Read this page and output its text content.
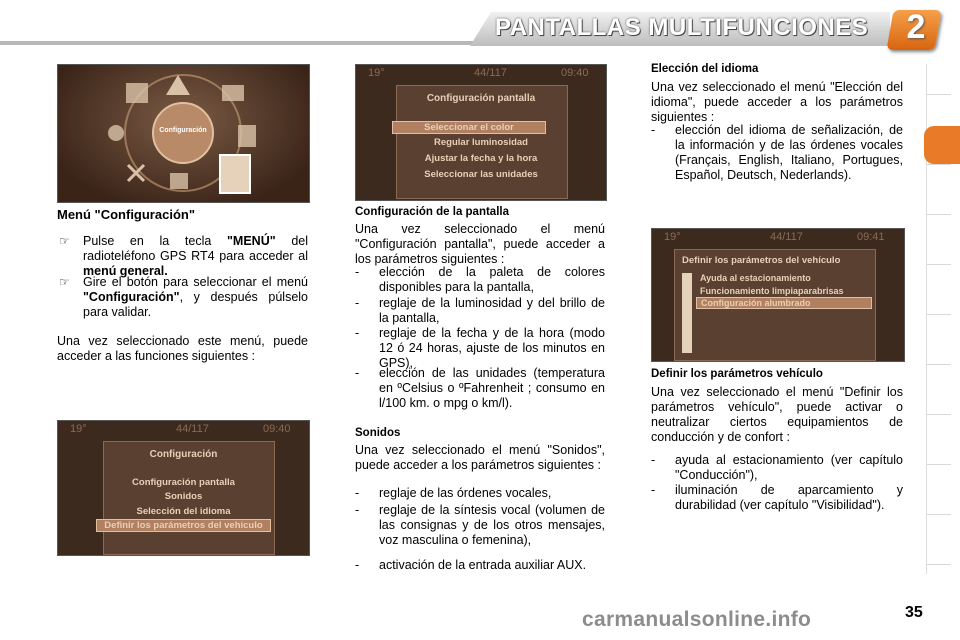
PANTALLAS MULTIFUNCIONES 2
Configuración
Menú "Configuración"
☞ Pulse en la tecla "MENÚ" del radioteléfono GPS RT4 para acceder al menú general.
☞ Gire el botón para seleccionar el menú "Configuración", y después púlselo para validar.
Una vez seleccionado este menú, puede acceder a las funciones siguientes :
19°	44/117	09:40
Configuración
Configuración pantalla
Sonidos
Selección del idioma
Definir los parámetros del vehículo
19°	44/117	09:40
Configuración pantalla
Seleccionar el color
Regular luminosidad
Ajustar la fecha y la hora
Seleccionar las unidades
Configuración de la pantalla
Una vez seleccionado el menú "Configuración pantalla", puede acceder a los parámetros siguientes :
- elección de la paleta de colores disponibles para la pantalla,
- reglaje de la luminosidad y del brillo de la pantalla,
- reglaje de la fecha y de la hora (modo 12 ó 24 horas, ajuste de los minutos en GPS),
- elección de las unidades (temperatura en ºCelsius o ºFahrenheit ; consumo en l/100 km. o mpg o km/l).
Sonidos
Una vez seleccionado el menú "Sonidos", puede acceder a los parámetros siguientes :
- reglaje de las órdenes vocales,
- reglaje de la síntesis vocal (volumen de las consignas y de los otros mensajes, voz masculina o femenina),
- activación de la entrada auxiliar AUX.
Elección del idioma
Una vez seleccionado el menú "Elección del idioma", puede acceder a los parámetros siguientes :
- elección del idioma de señalización, de la información y de las órdenes vocales (Français, English, Italiano, Portugues, Español, Deutsch, Nederlands).
19°	44/117	09:41
Definir los parámetros del vehículo
Ayuda al estacionamiento
Funcionamiento limpiaparabrisas
Configuración alumbrado
Definir los parámetros vehículo
Una vez seleccionado el menú "Definir los parámetros vehículo", puede activar o neutralizar ciertos equipamientos de conducción y de confort :
- ayuda al estacionamiento (ver capítulo "Conducción"),
- iluminación de aparcamiento y durabilidad (ver capítulo "Visibilidad").
35
carmanualsonline.info
